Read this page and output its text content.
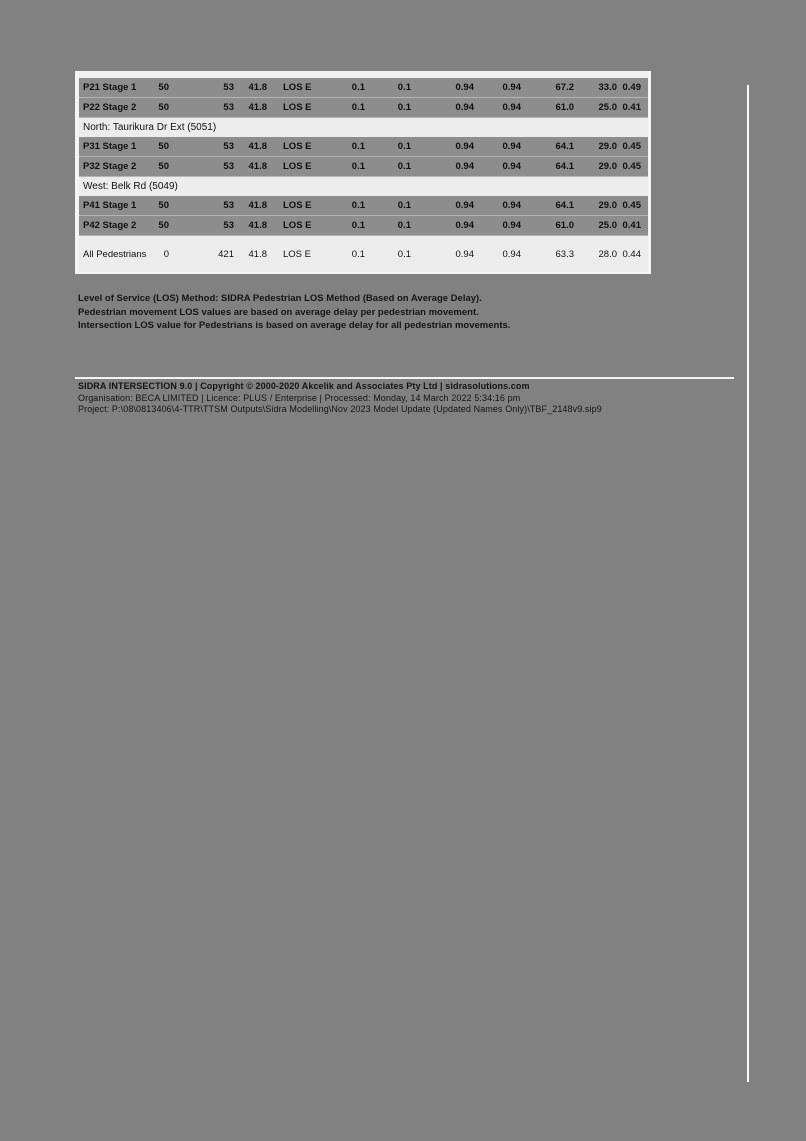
P21 Stage 1	50	53	41.8	LOS E	0.1	0.1	0.94	0.94	67.2	33.0 0.49
P22 Stage 2	50	53	41.8	LOS E	0.1	0.1	0.94	0.94	61.0	25.0 0.41
North: Taurikura Dr Ext (5051)
P31 Stage 1	50	53	41.8	LOS E	0.1	0.1	0.94	0.94	64.1	29.0 0.45
P32 Stage 2	50	53	41.8	LOS E	0.1	0.1	0.94	0.94	64.1	29.0 0.45
West: Belk Rd (5049)
P41 Stage 1	50	53	41.8	LOS E	0.1	0.1	0.94	0.94	64.1	29.0 0.45
P42 Stage 2	50	53	41.8	LOS E	0.1	0.1	0.94	0.94	61.0	25.0 0.41
All Pedestrians	0	421	41.8	LOS E	0.1	0.1	0.94	0.94	63.3	28.0 0.44
Level of Service (LOS) Method: SIDRA Pedestrian LOS Method (Based on Average Delay).
Pedestrian movement LOS values are based on average delay per pedestrian movement.
Intersection LOS value for Pedestrians is based on average delay for all pedestrian movements.
SIDRA INTERSECTION 9.0 | Copyright © 2000-2020 Akcelik and Associates Pty Ltd | sidrasolutions.com
Organisation: BECA LIMITED | Licence: PLUS / Enterprise | Processed: Monday, 14 March 2022 5:34:16 pm
Project: P:\08\0813406\4-TTR\TTSM Outputs\Sidra Modelling\Nov 2023 Model Update (Updated Names Only)\TBF_2148v9.sip9
